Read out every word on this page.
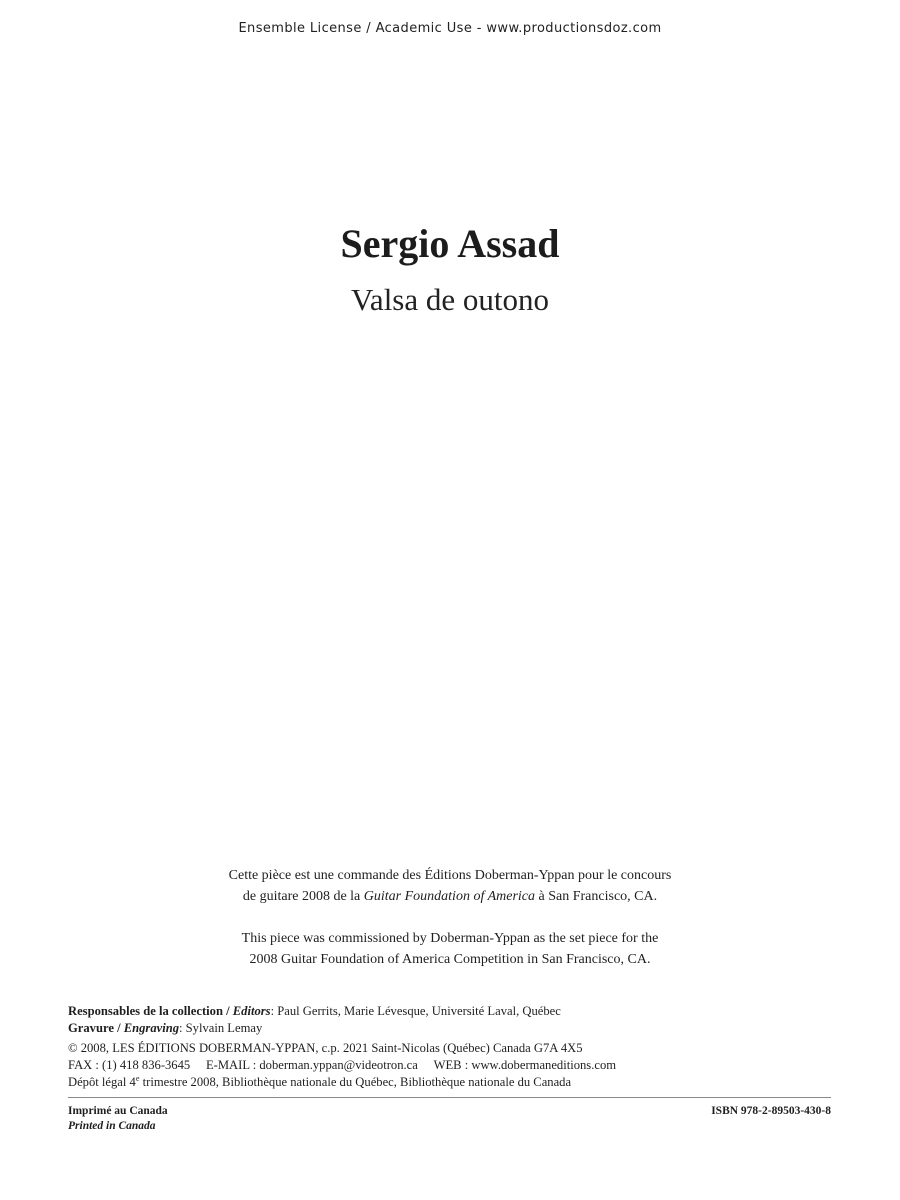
Ensemble License / Academic Use - www.productionsdoz.com
Sergio Assad
Valsa de outono
Cette pièce est une commande des Éditions Doberman-Yppan pour le concours
de guitare 2008 de la Guitar Foundation of America à San Francisco, CA.
This piece was commissioned by Doberman-Yppan as the set piece for the
2008 Guitar Foundation of America Competition in San Francisco, CA.
Responsables de la collection / Editors: Paul Gerrits, Marie Lévesque, Université Laval, Québec
Gravure / Engraving: Sylvain Lemay
© 2008, LES ÉDITIONS DOBERMAN-YPPAN, c.p. 2021 Saint-Nicolas (Québec) Canada G7A 4X5
FAX : (1) 418 836-3645 E-MAIL : doberman.yppan@videotron.ca WEB : www.dobermaneditions.com
Dépôt légal 4e trimestre 2008, Bibliothèque nationale du Québec, Bibliothèque nationale du Canada
Imprimé au Canada
Printed in Canada
ISBN 978-2-89503-430-8
